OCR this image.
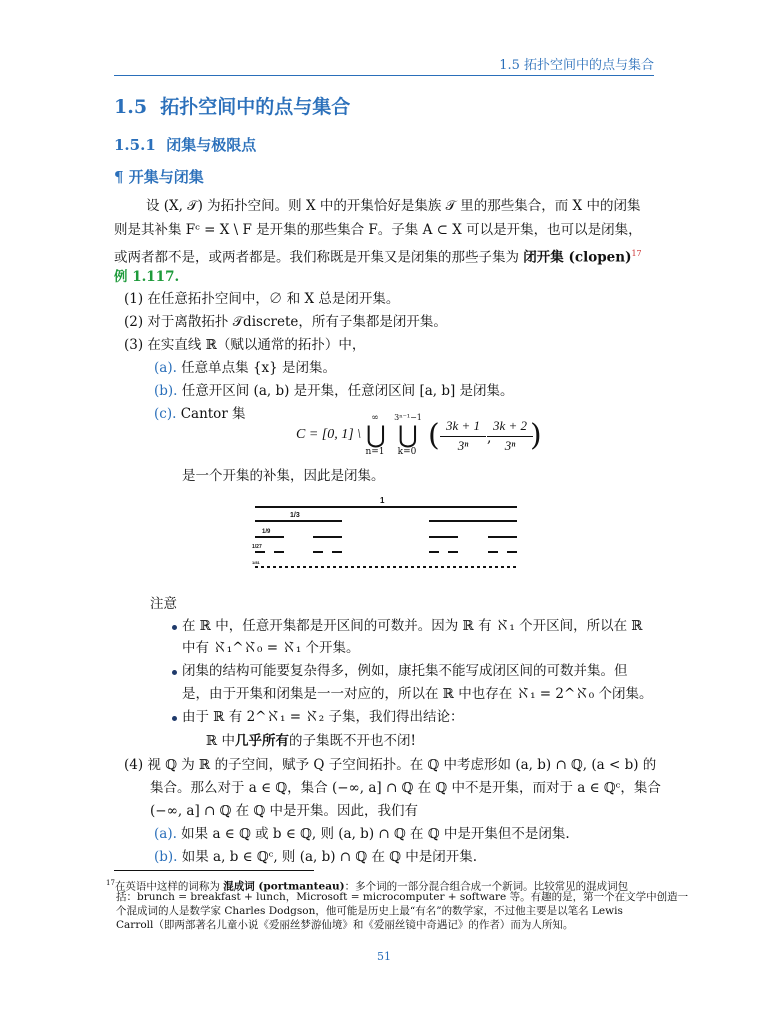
1.5 拓扑空间中的点与集合
1.5 拓扑空间中的点与集合
1.5.1 闭集与极限点
¶ 开集与闭集
设 (X, 𝒯) 为拓扑空间。则 X 中的开集恰好是集族 𝒯 里的那些集合，而 X 中的闭集
则是其补集 Fᶜ = X \ F 是开集的那些集合 F。子集 A ⊂ X 可以是开集，也可以是闭集，
或两者都不是，或两者都是。我们称既是开集又是闭集的那些子集为 闭开集 (clopen)$^{17}$
例 1.117.
(1) 在任意拓扑空间中，∅ 和 X 总是闭开集。
(2) 对于离散拓扑 𝒯discrete，所有子集都是闭开集。
(3) 在实直线 ℝ（赋以通常的拓扑）中，
(a). 任意单点集 {x} 是闭集。
(b). 任意开区间 (a, b) 是开集，任意闭区间 [a, b] 是闭集。
(c). Cantor 集
C = [0, 1] \
∞
⋃
n=1
3ⁿ⁻¹−1
⋃
k=0 ( 3k + 1
3ⁿ	,
3k + 2
3ⁿ )
是一个开集的补集，因此是闭集。
1
1/3
1/9
1/27
1/81
注意
在 ℝ 中，任意开集都是开区间的可数并。因为 ℝ 有 ℵ₁ 个开区间，所以在 ℝ
中有 ℵ₁^ℵ₀ = ℵ₁ 个开集。
闭集的结构可能要复杂得多，例如，康托集不能写成闭区间的可数并集。但
是，由于开集和闭集是一一对应的，所以在 ℝ 中也存在 ℵ₁ = 2^ℵ₀ 个闭集。
由于 ℝ 有 2^ℵ₁ = ℵ₂ 子集，我们得出结论：
ℝ 中几乎所有的子集既不开也不闭!
(4) 视 ℚ 为 ℝ 的子空间，赋予 Q 子空间拓扑。在 ℚ 中考虑形如 (a, b) ∩ ℚ, (a < b) 的
集合。那么对于 a ∈ ℚ，集合 (−∞, a] ∩ ℚ 在 ℚ 中不是开集，而对于 a ∈ ℚᶜ，集合
(−∞, a] ∩ ℚ 在 ℚ 中是开集。因此，我们有
(a). 如果 a ∈ ℚ 或 b ∈ ℚ, 则 (a, b) ∩ ℚ 在 ℚ 中是开集但不是闭集.
(b). 如果 a, b ∈ ℚᶜ, 则 (a, b) ∩ ℚ 在 ℚ 中是闭开集.
$^{17}$在英语中这样的词称为 混成词 (portmanteau)：多个词的一部分混合组合成一个新词。比较常见的混成词包
括：brunch = breakfast + lunch，Microsoft = microcomputer + software 等。有趣的是，第一个在文学中创造一
个混成词的人是数学家 Charles Dodgson，他可能是历史上最“有名”的数学家，不过他主要是以笔名 Lewis
Carroll（即两部著名儿童小说《爱丽丝梦游仙境》和《爱丽丝镜中奇遇记》的作者）而为人所知。
51
